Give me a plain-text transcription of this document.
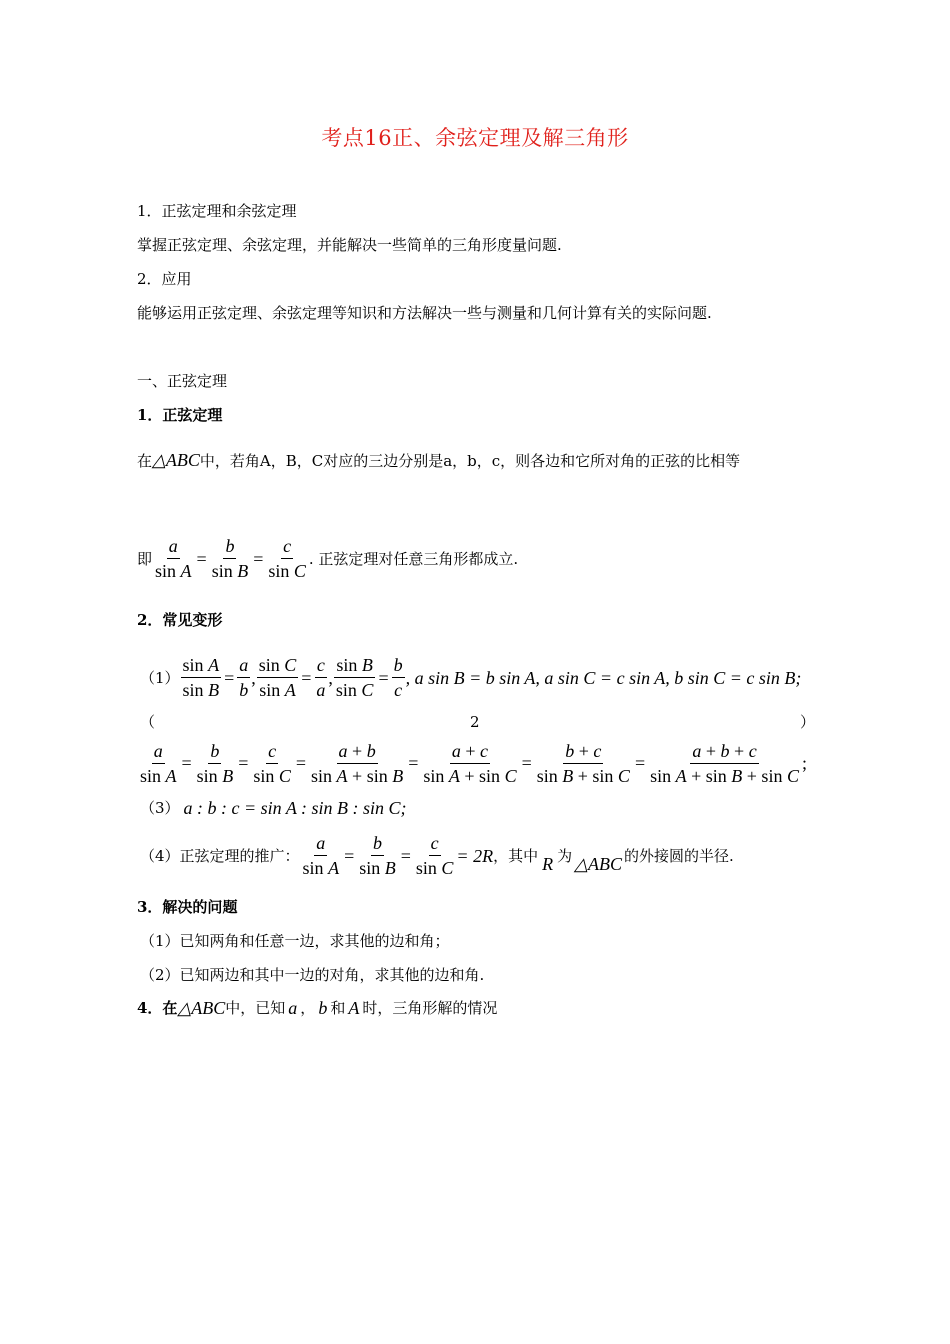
考点16正、余弦定理及解三角形
1．正弦定理和余弦定理
掌握正弦定理、余弦定理，并能解决一些简单的三角形度量问题.
2．应用
能够运用正弦定理、余弦定理等知识和方法解决一些与测量和几何计算有关的实际问题.
一、正弦定理
1．正弦定理
在△ABC中，若角A，B，C对应的三边分别是a，b，c，则各边和它所对角的正弦的比相等
即 $\frac{a}{\text{sin A}} = \frac{b}{\text{sin B}} = \frac{c}{\text{sin C}}$ . 正弦定理对任意三角形都成立.
2．常见变形
$(1) \frac{\text{sin A}}{\text{sin B}} = \frac{a}{b}$ , $\frac{\text{sin C}}{\text{sin A}} = \frac{c}{a}$ , $\frac{\text{sin B}}{\text{sin C}} = \frac{b}{c}$ , a sin B = b sin A, a sin C = c sin A, b sin C = c sin B;
（	2	）
$\frac{a}{\text{sin A}} = \frac{b}{\text{sin B}} = \frac{c}{\text{sin C}} = \frac{a + b}{\text{sin A + sin B}} = \frac{a + c}{\text{sin A + sin C}} = \frac{b + c}{\text{sin B + sin C}} = \frac{a + b + c}{\text{sin A + sin B + sin C}}$ ;
（3） a : b : c = sin A : sin B : sin C;
（4）正弦定理的推广： $\frac{a}{\text{sin A}} = \frac{b}{\text{sin B}} = \frac{c}{\text{sin C}} = 2R$ ，其中 R 为 △ABC 的外接圆的半径.
3．解决的问题
（1）已知两角和任意一边，求其他的边和角；
（2）已知两边和其中一边的对角，求其他的边和角.
4．在 △ABC 中，已知 a ， b 和 A 时，三角形解的情况
